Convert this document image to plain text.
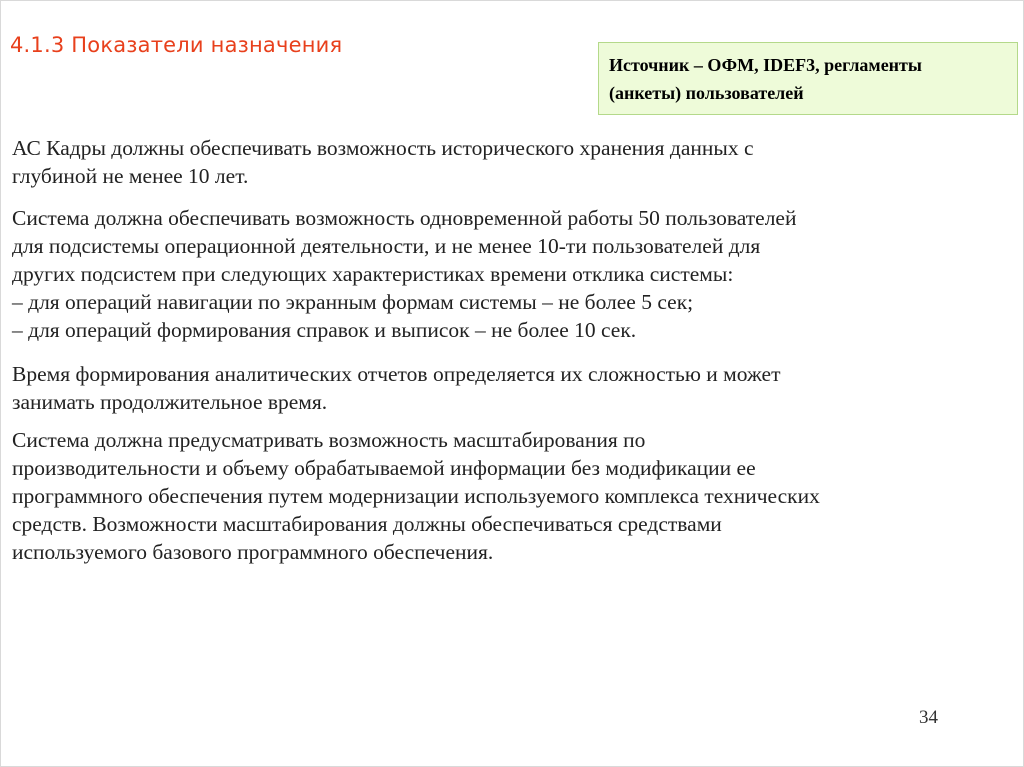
4.1.3 Показатели назначения
Источник – ОФМ, IDEF3, регламенты
(анкеты) пользователей

АС Кадры должны обеспечивать возможность исторического хранения данных с
глубиной не менее 10 лет.

Система должна обеспечивать возможность одновременной работы 50 пользователей
для подсистемы операционной деятельности, и не менее 10-ти пользователей для
других подсистем при следующих характеристиках времени отклика системы:
– для операций навигации по экранным формам системы – не более 5 сек;
– для операций формирования справок и выписок – не более 10 сек.

Время формирования аналитических отчетов определяется их сложностью и может
занимать продолжительное время.

Система должна предусматривать возможность масштабирования по
производительности и объему обрабатываемой информации без модификации ее
программного обеспечения путем модернизации используемого комплекса технических
средств. Возможности масштабирования должны обеспечиваться средствами
используемого базового программного обеспечения.

34
